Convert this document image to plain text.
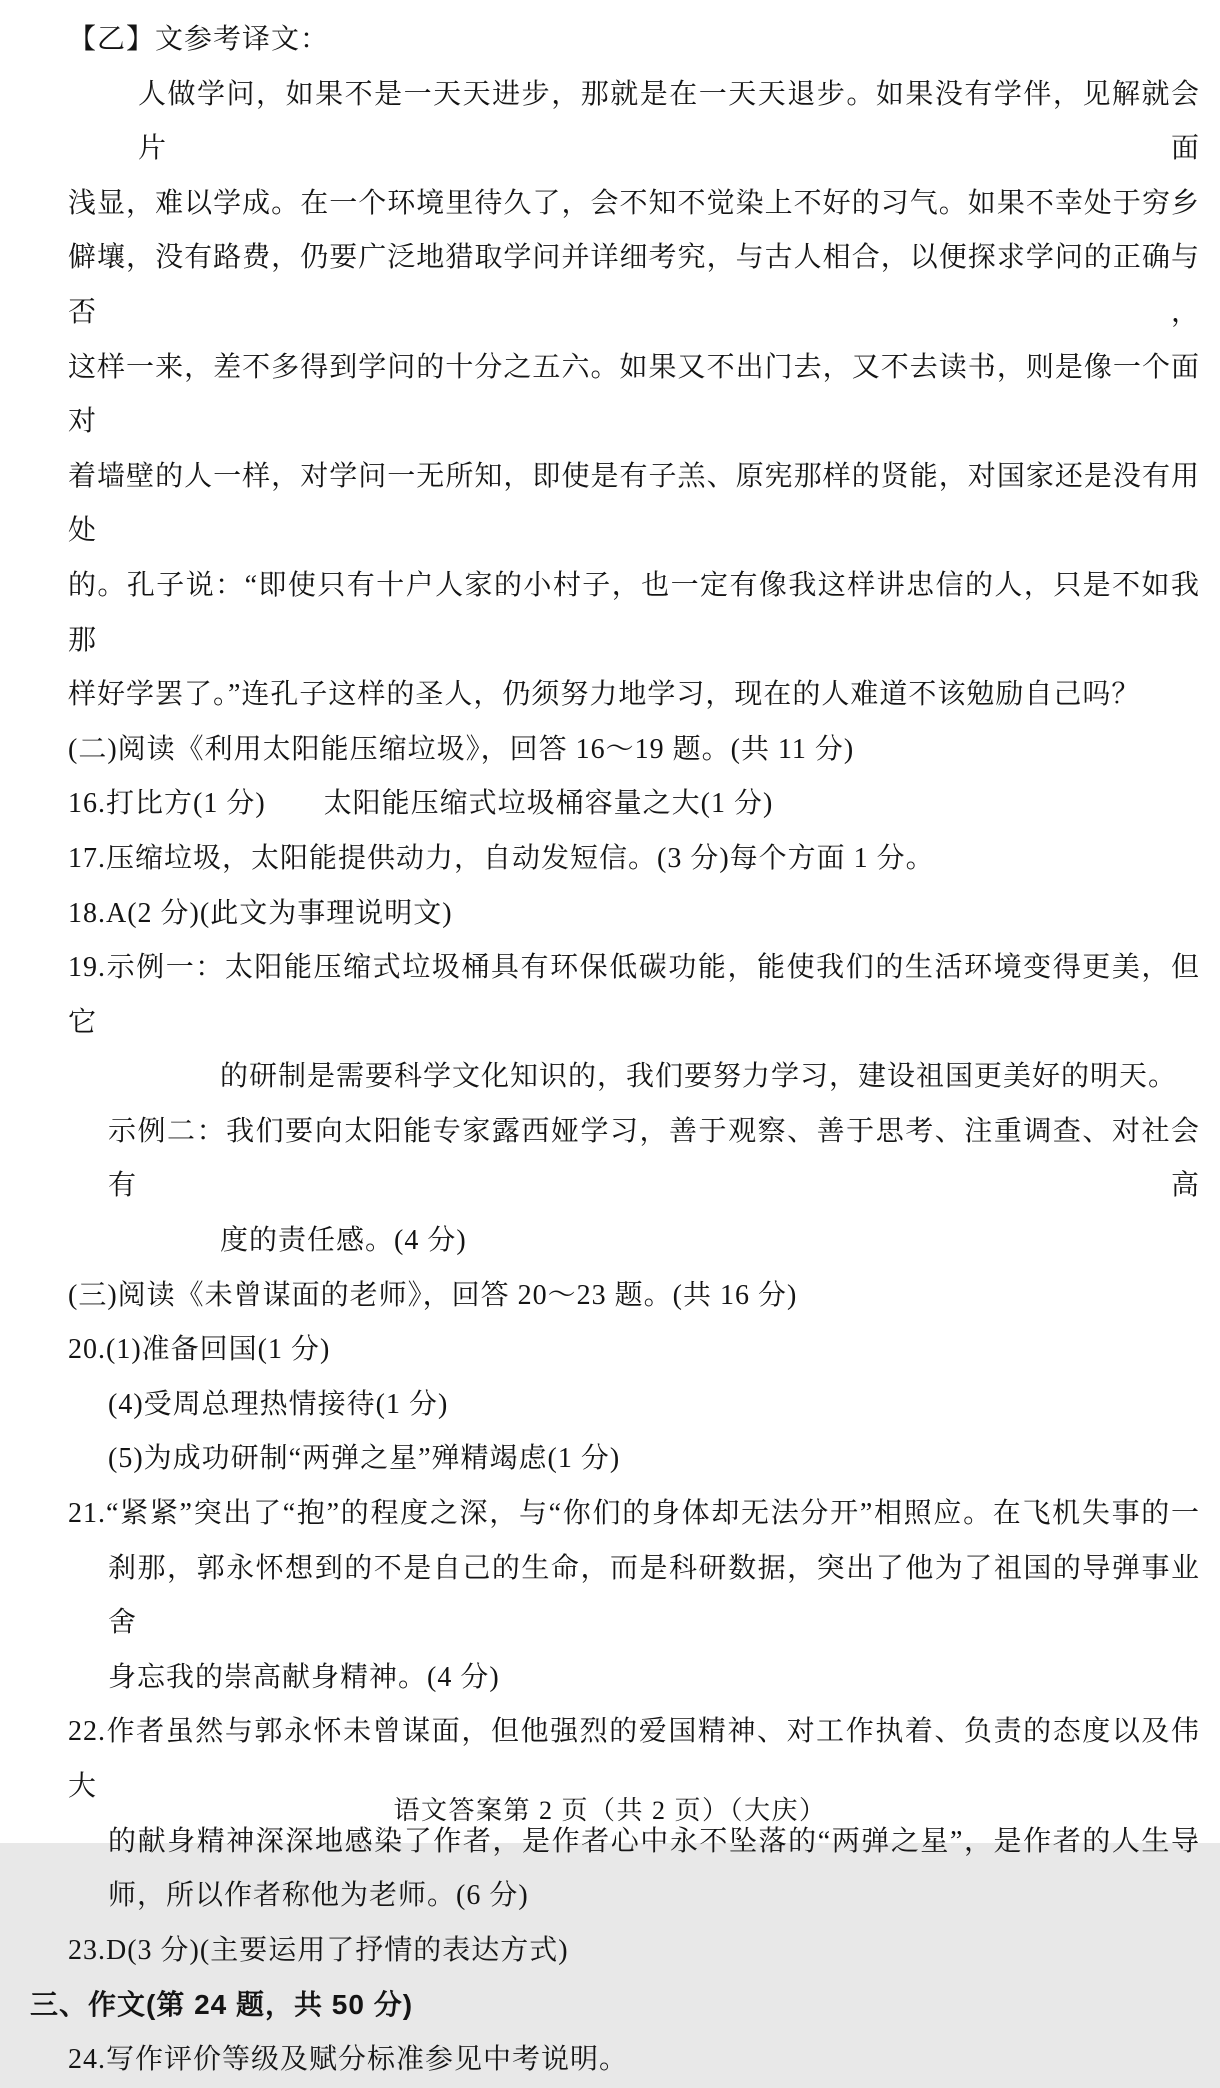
【乙】文参考译文：
人做学问，如果不是一天天进步，那就是在一天天退步。如果没有学伴，见解就会片面
浅显，难以学成。在一个环境里待久了，会不知不觉染上不好的习气。如果不幸处于穷乡
僻壤，没有路费，仍要广泛地猎取学问并详细考究，与古人相合，以便探求学问的正确与否，
这样一来，差不多得到学问的十分之五六。如果又不出门去，又不去读书，则是像一个面对
着墙壁的人一样，对学问一无所知，即使是有子羔、原宪那样的贤能，对国家还是没有用处
的。孔子说：“即使只有十户人家的小村子，也一定有像我这样讲忠信的人，只是不如我那
样好学罢了。”连孔子这样的圣人，仍须努力地学习，现在的人难道不该勉励自己吗？
(二)阅读《利用太阳能压缩垃圾》，回答 16～19 题。(共 11 分)
16.打比方(1 分)　　太阳能压缩式垃圾桶容量之大(1 分)
17.压缩垃圾，太阳能提供动力，自动发短信。(3 分)每个方面 1 分。
18.A(2 分)(此文为事理说明文)
19.示例一：太阳能压缩式垃圾桶具有环保低碳功能，能使我们的生活环境变得更美，但它
的研制是需要科学文化知识的，我们要努力学习，建设祖国更美好的明天。
示例二：我们要向太阳能专家露西娅学习，善于观察、善于思考、注重调查、对社会有高
度的责任感。(4 分)
(三)阅读《未曾谋面的老师》，回答 20～23 题。(共 16 分)
20.(1)准备回国(1 分)
(4)受周总理热情接待(1 分)
(5)为成功研制“两弹之星”殚精竭虑(1 分)
21.“紧紧”突出了“抱”的程度之深，与“你们的身体却无法分开”相照应。在飞机失事的一
刹那，郭永怀想到的不是自己的生命，而是科研数据，突出了他为了祖国的导弹事业舍
身忘我的崇高献身精神。(4 分)
22.作者虽然与郭永怀未曾谋面，但他强烈的爱国精神、对工作执着、负责的态度以及伟大
的献身精神深深地感染了作者，是作者心中永不坠落的“两弹之星”，是作者的人生导
师，所以作者称他为老师。(6 分)
23.D(3 分)(主要运用了抒情的表达方式)
三、作文(第 24 题，共 50 分)
24.写作评价等级及赋分标准参见中考说明。
语文答案第 2 页（共 2 页）（大庆）
